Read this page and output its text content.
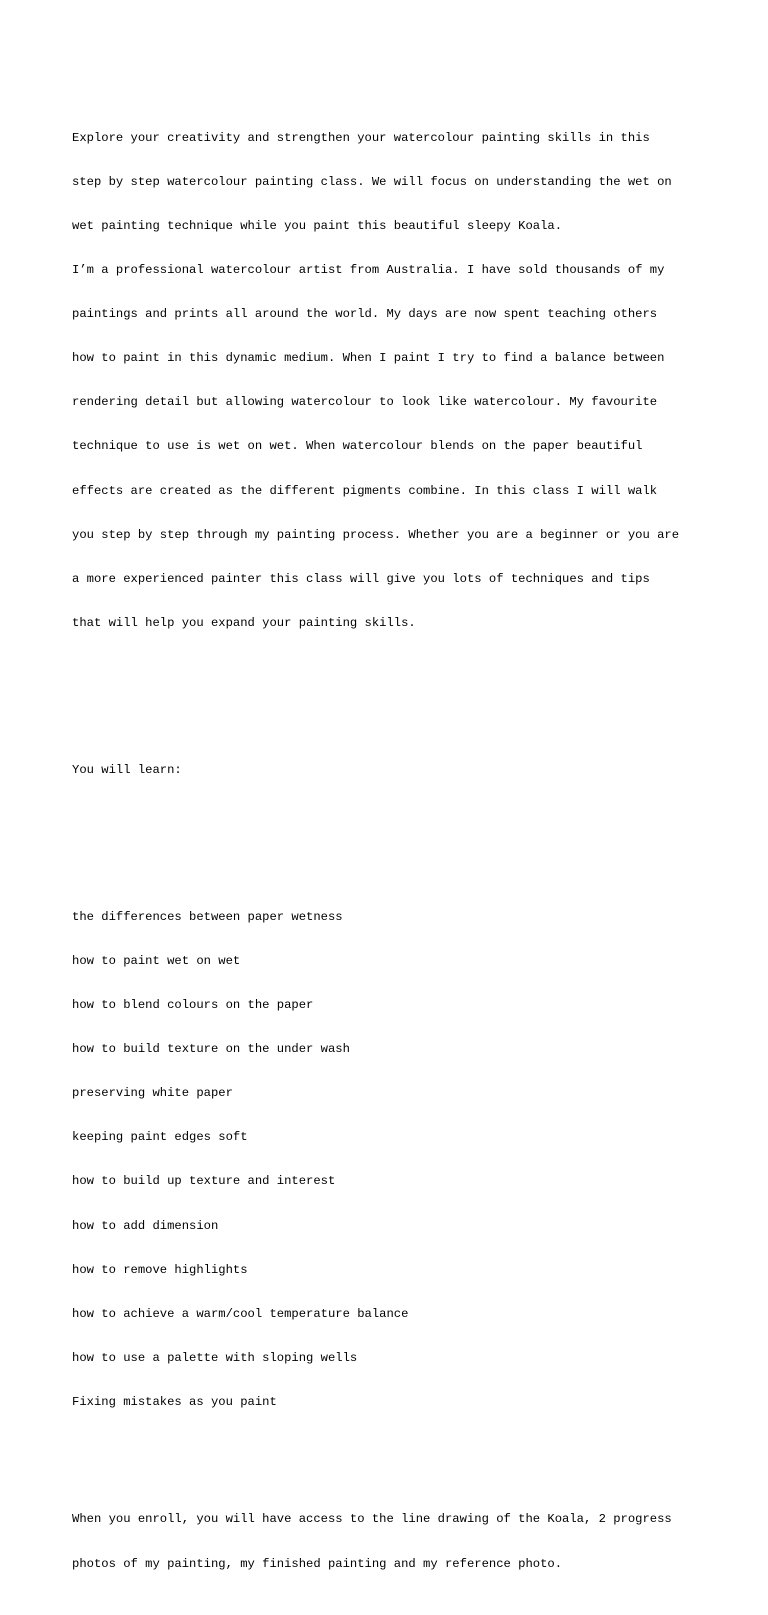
Explore your creativity and strengthen your watercolour painting skills in this

step by step watercolour painting class. We will focus on understanding the wet on

wet painting technique while you paint this beautiful sleepy Koala.

I’m a professional watercolour artist from Australia. I have sold thousands of my

paintings and prints all around the world. My days are now spent teaching others

how to paint in this dynamic medium. When I paint I try to find a balance between

rendering detail but allowing watercolour to look like watercolour. My favourite

technique to use is wet on wet. When watercolour blends on the paper beautiful

effects are created as the different pigments combine. In this class I will walk

you step by step through my painting process. Whether you are a beginner or you are

a more experienced painter this class will give you lots of techniques and tips

that will help you expand your painting skills.

You will learn:

the differences between paper wetness

how to paint wet on wet

how to blend colours on the paper

how to build texture on the under wash

preserving white paper

keeping paint edges soft

how to build up texture and interest

how to add dimension

how to remove highlights

how to achieve a warm/cool temperature balance

how to use a palette with sloping wells

Fixing mistakes as you paint

When you enroll, you will have access to the line drawing of the Koala, 2 progress

photos of my painting, my finished painting and my reference photo.
